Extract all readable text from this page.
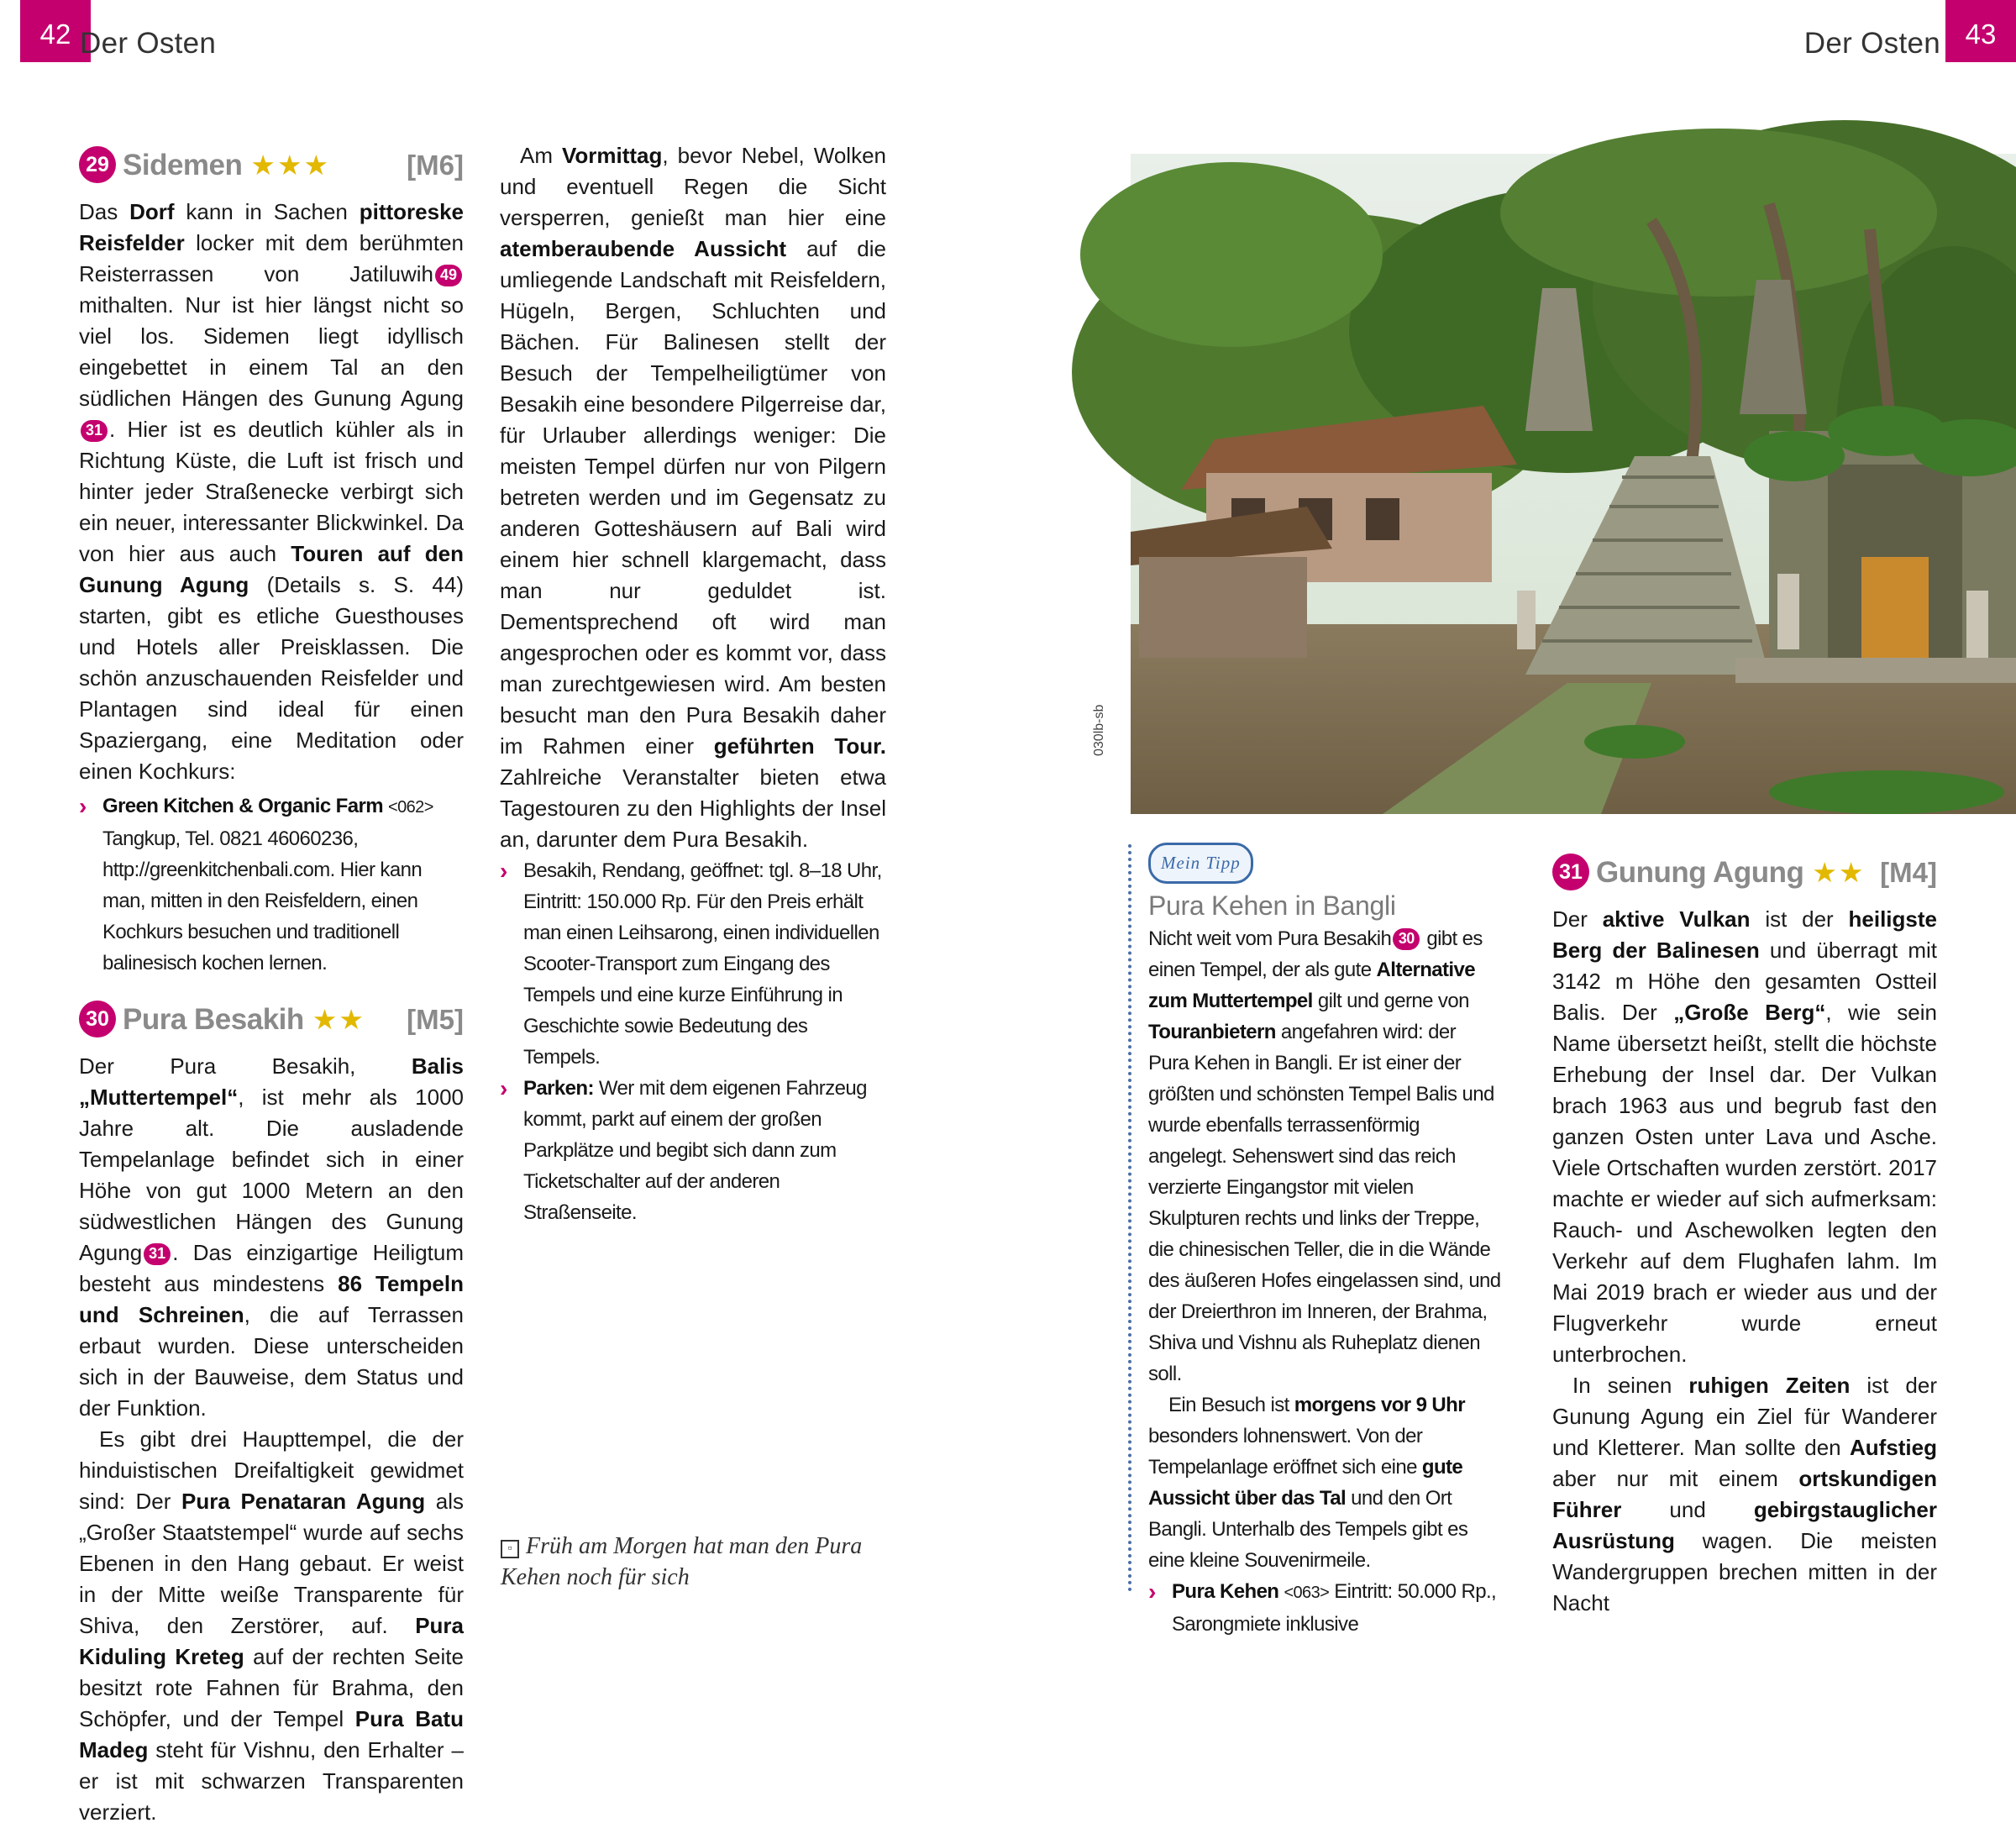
42 Der Osten	Der Osten 43
29 Sidemen ★★★	[M6]

Das Dorf kann in Sachen pittoreske Reisfelder locker mit dem berühmten Reisterrassen von Jatiluwih 49 mithalten. Nur ist hier längst nicht so viel los. Sidemen liegt idyllisch eingebettet in einem Tal an den südlichen Hängen des Gunung Agung31 . Hier ist es deutlich kühler als in Richtung Küste, die Luft ist frisch und hinter jeder Straßenecke verbirgt sich ein neuer, interessanter Blickwinkel. Da von hier aus auch Touren auf den Gunung Agung (Details s. S. 44) starten, gibt es etliche Guesthouses und Hotels aller Preisklassen. Die schön anzuschauenden Reisfelder und Plantagen sind ideal für einen Spaziergang, eine Meditation oder einen Kochkurs:

› Green Kitchen & Organic Farm <062> Tangkup, Tel. 0821 46060236, http://greenkitchenbali.com. Hier kann man, mitten in den Reisfeldern, einen Kochkurs besuchen und traditionell balinesisch kochen lernen.
30 Pura Besakih ★★ [M5]

Der Pura Besakih, Balis „Muttertempel“, ist mehr als 1000 Jahre alt. Die ausladende Tempelanlage befindet sich in einer Höhe von gut 1000 Metern an den südwestlichen Hängen des Gunung Agung 31 . Das einzigartige Heiligtum besteht aus mindestens 86 Tempeln und Schreinen, die auf Terrassen erbaut wurden. Diese unterscheiden sich in der Bauweise, dem Status und der Funktion.

Es gibt drei Haupttempel, die der hinduistischen Dreifaltigkeit gewidmet sind: Der Pura Penataran Agung als „Großer Staatstempel“ wurde auf sechs Ebenen in den Hang gebaut. Er weist in der Mitte weiße Transparente für Shiva, den Zerstörer, auf. Pura Kiduling Kreteg auf der rechten Seite besitzt rote Fahnen für Brahma, den Schöpfer, und der Tempel Pura Batu Madeg steht für Vishnu, den Erhalter – er ist mit schwarzen Transparenten verziert.

Am Vormittag, bevor Nebel, Wolken und eventuell Regen die Sicht versperren, genießt man hier eine atemberaubende Aussicht auf die umliegende Landschaft mit Reisfeldern, Hügeln, Bergen, Schluchten und Bächen. Für Balinesen stellt der Besuch der Tempelheiligtümer von Besakih eine besondere Pilgerreise dar, für Urlauber allerdings weniger: Die meisten Tempel dürfen nur von Pilgern betreten werden und im Gegensatz zu anderen Gotteshäusern auf Bali wird einem hier schnell klargemacht, dass man nur geduldet ist. Dementsprechend oft wird man angesprochen oder es kommt vor, dass man zurechtgewiesen wird. Am besten besucht man den Pura Besakih daher im Rahmen einer geführten Tour. Zahlreiche Veranstalter bieten etwa Tagestouren zu den Highlights der Insel an, darunter dem Pura Besakih.

› Besakih, Rendang, geöffnet: tgl. 8–18 Uhr, Eintritt: 150.000 Rp. Für den Preis erhält man einen Leihsarong, einen individuellen Scooter-Transport zum Eingang des Tempels und eine kurze Einführung in Geschichte sowie Bedeutung des Tempels.
› Parken: Wer mit dem eigenen Fahrzeug kommt, parkt auf einem der großen Parkplätze und begibt sich dann zum Ticketschalter auf der anderen Straßenseite.

▫ Früh am Morgen hat man den Pura Kehen noch für sich
030lb-sb
Mein Tipp
Pura Kehen in Bangli

Nicht weit vom Pura Besakih 30 gibt es einen Tempel, der als gute Alternative zum Muttertempel gilt und gerne von Touranbietern angefahren wird: der Pura Kehen in Bangli. Er ist einer der größten und schönsten Tempel Balis und wurde ebenfalls terrassenförmig angelegt. Sehenswert sind das reich verzierte Eingangstor mit vielen Skulpturen rechts und links der Treppe, die chinesischen Teller, die in die Wände des äußeren Hofes eingelassen sind, und der Dreierthron im Inneren, der Brahma, Shiva und Vishnu als Ruheplatz dienen soll.

Ein Besuch ist morgens vor 9 Uhr besonders lohnenswert. Von der Tempelanlage eröffnet sich eine gute Aussicht über das Tal und den Ort Bangli. Unterhalb des Tempels gibt es eine kleine Souvenirmeile.

› Pura Kehen <063> Eintritt: 50.000 Rp., Sarongmiete inklusive
31 Gunung Agung ★★ [M4]

Der aktive Vulkan ist der heiligste Berg der Balinesen und überragt mit 3142 m Höhe den gesamten Ostteil Balis. Der „Große Berg“, wie sein Name übersetzt heißt, stellt die höchste Erhebung der Insel dar. Der Vulkan brach 1963 aus und begrub fast den ganzen Osten unter Lava und Asche. Viele Ortschaften wurden zerstört. 2017 machte er wieder auf sich aufmerksam: Rauch- und Aschewolken legten den Verkehr auf dem Flughafen lahm. Im Mai 2019 brach er wieder aus und der Flugverkehr wurde erneut unterbrochen.

In seinen ruhigen Zeiten ist der Gunung Agung ein Ziel für Wanderer und Kletterer. Man sollte den Aufstieg aber nur mit einem ortskundigen Führer und gebirgstauglicher Ausrüstung wagen. Die meisten Wandergruppen brechen mitten in der Nacht
